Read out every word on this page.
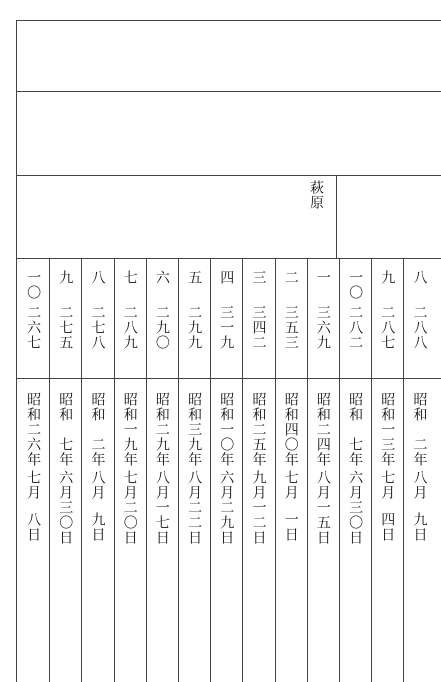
萩原
一〇
二六七
昭和二六年
七月
八日
九
二七五
昭和　七年
六月三〇日
八
二七八
昭和　二年
八月
九日
七
二八九
昭和一九年
七月二〇日
六
二九〇
昭和二九年
八月一七日
五
二九九
昭和三九年
八月二二日
四
三一九
昭和一〇年
六月二九日
三
三四二
昭和二五年
九月一二日
二
三五三
昭和四〇年
七月
一日
一
三六九
昭和二四年
八月一五日
一〇
二八二
昭和　七年
六月三〇日
九
二八七
昭和一三年
七月
四日
八
二八八
昭和　二年
八月
九日
